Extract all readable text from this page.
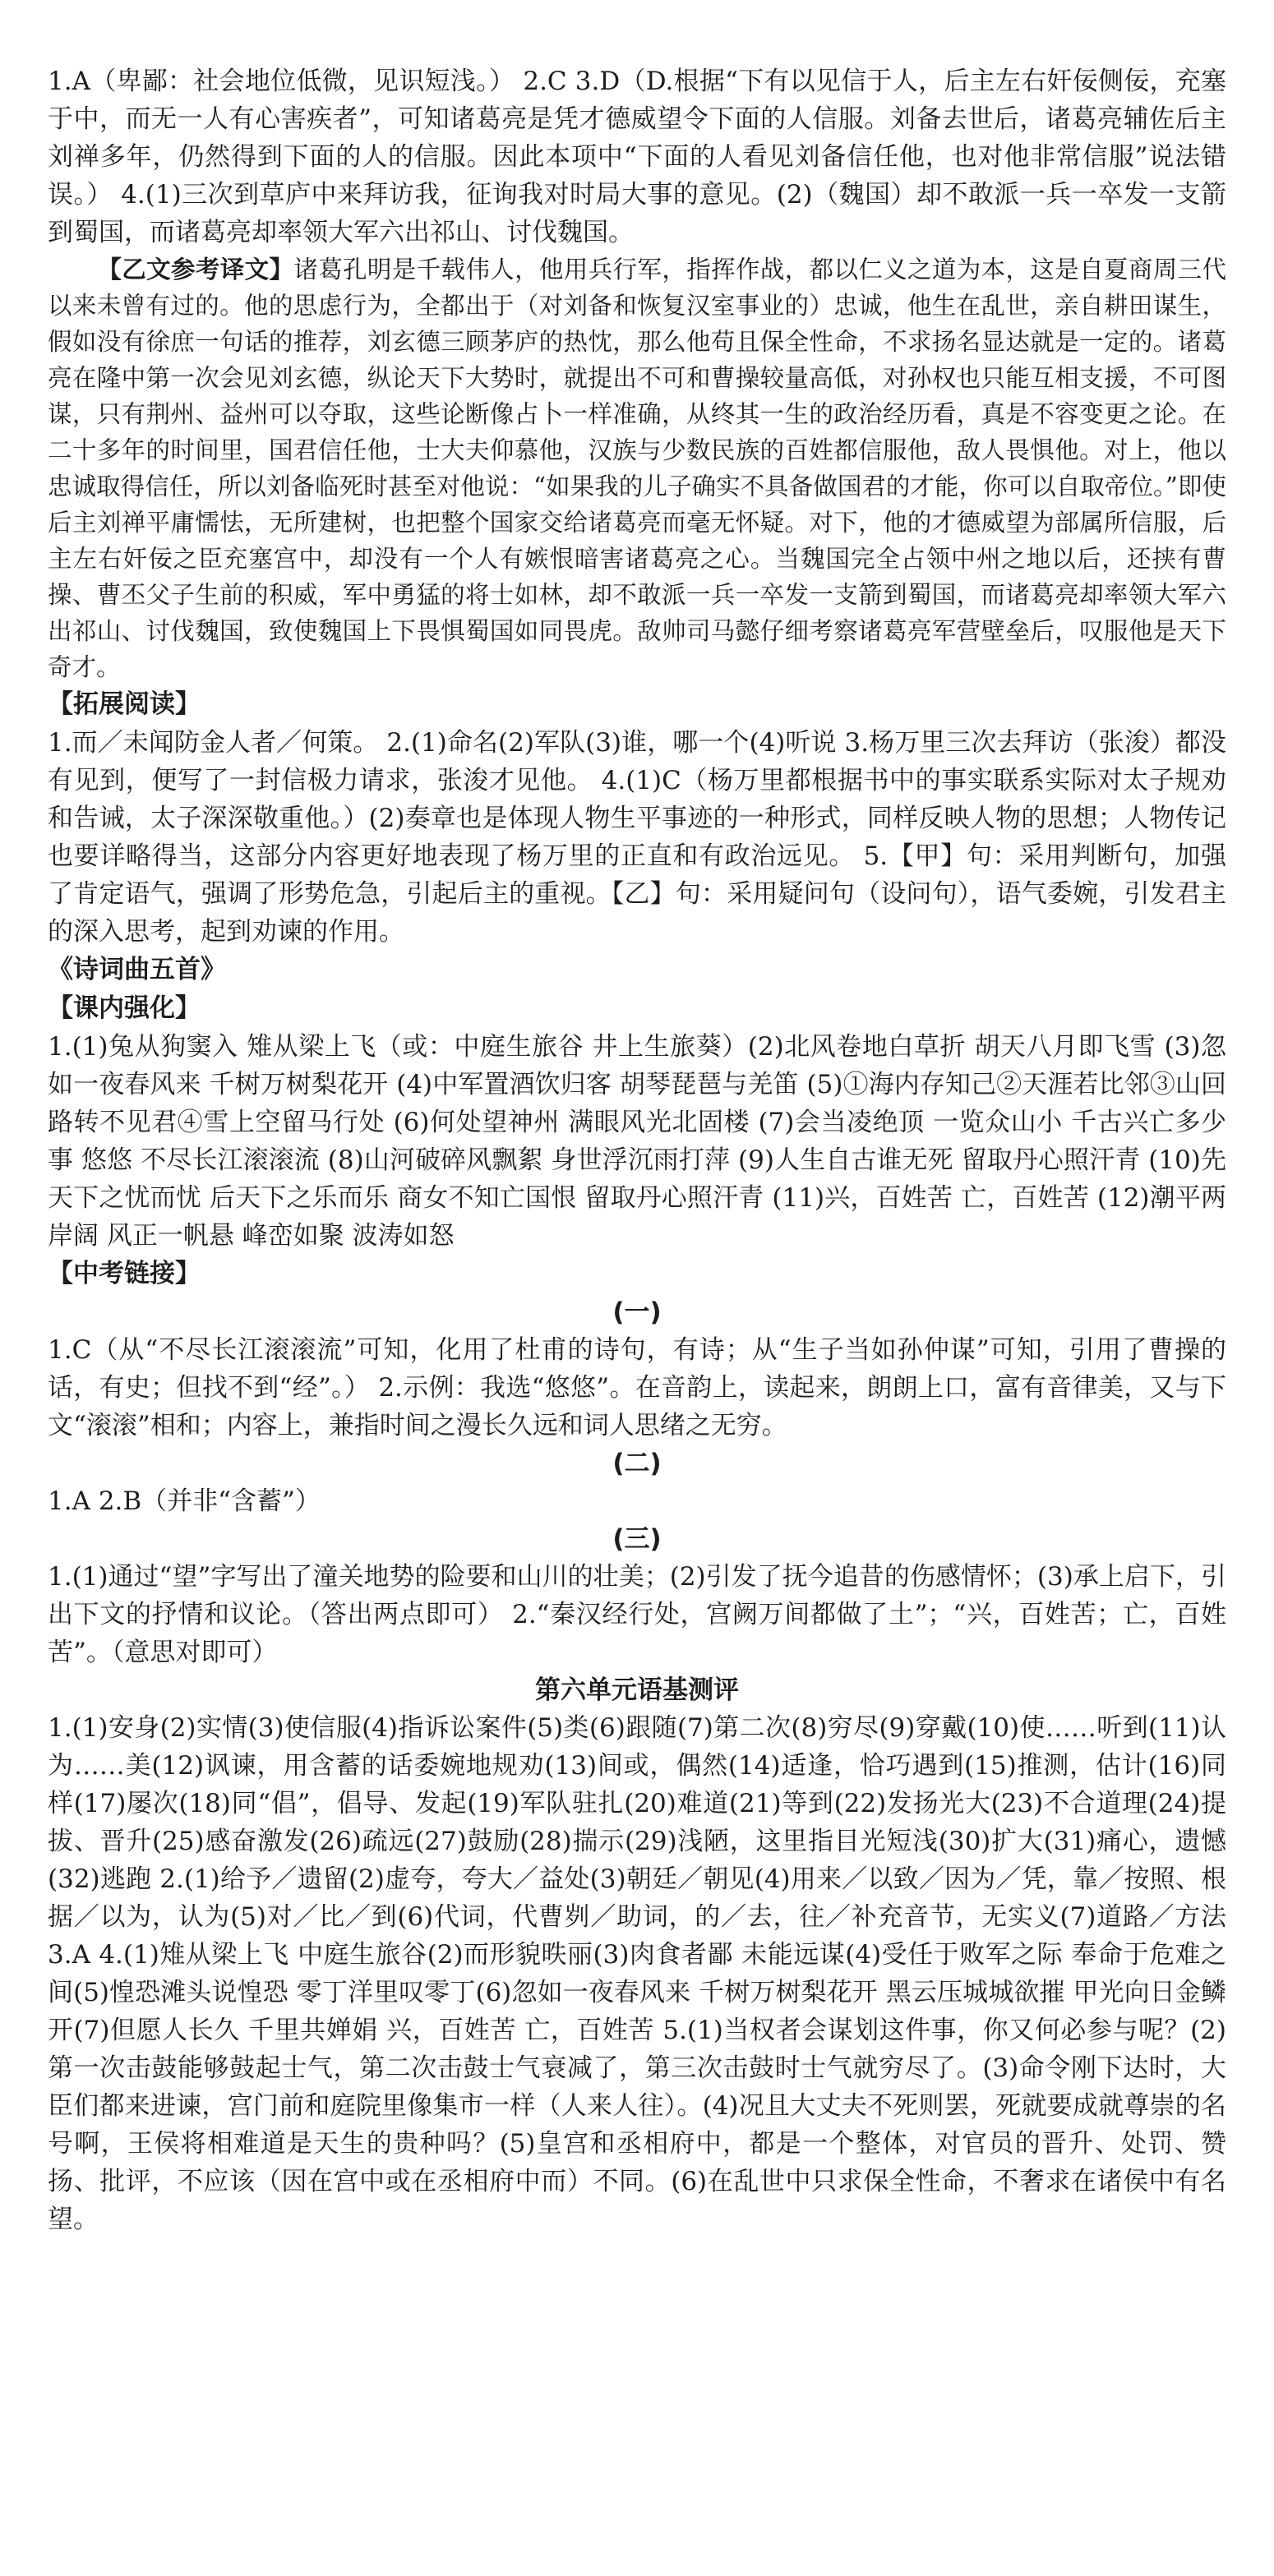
1.A（卑鄙：社会地位低微，见识短浅。） 2.C 3.D（D.根据“下有以见信于人，后主左右奸佞侧佞，充塞于中，而无一人有心害疾者”，可知诸葛亮是凭才德威望令下面的人信服。刘备去世后，诸葛亮辅佐后主刘禅多年，仍然得到下面的人的信服。因此本项中“下面的人看见刘备信任他，也对他非常信服”说法错误。） 4.(1)三次到草庐中来拜访我，征询我对时局大事的意见。(2)（魏国）却不敢派一兵一卒发一支箭到蜀国，而诸葛亮却率领大军六出祁山、讨伐魏国。

【乙文参考译文】诸葛孔明是千载伟人，他用兵行军，指挥作战，都以仁义之道为本，这是自夏商周三代以来未曾有过的。他的思虑行为，全都出于（对刘备和恢复汉室事业的）忠诚，他生在乱世，亲自耕田谋生，假如没有徐庶一句话的推荐，刘玄德三顾茅庐的热忱，那么他苟且保全性命，不求扬名显达就是一定的。诸葛亮在隆中第一次会见刘玄德，纵论天下大势时，就提出不可和曹操较量高低，对孙权也只能互相支援，不可图谋，只有荆州、益州可以夺取，这些论断像占卜一样准确，从终其一生的政治经历看，真是不容变更之论。在二十多年的时间里，国君信任他，士大夫仰慕他，汉族与少数民族的百姓都信服他，敌人畏惧他。对上，他以忠诚取得信任，所以刘备临死时甚至对他说：“如果我的儿子确实不具备做国君的才能，你可以自取帝位。”即使后主刘禅平庸懦怯，无所建树，也把整个国家交给诸葛亮而毫无怀疑。对下，他的才德威望为部属所信服，后主左右奸佞之臣充塞宫中，却没有一个人有嫉恨暗害诸葛亮之心。当魏国完全占领中州之地以后，还挟有曹操、曹丕父子生前的积威，军中勇猛的将士如林，却不敢派一兵一卒发一支箭到蜀国，而诸葛亮却率领大军六出祁山、讨伐魏国，致使魏国上下畏惧蜀国如同畏虎。敌帅司马懿仔细考察诸葛亮军营壁垒后，叹服他是天下奇才。

【拓展阅读】

1.而／未闻防金人者／何策。 2.(1)命名(2)军队(3)谁，哪一个(4)听说 3.杨万里三次去拜访（张浚）都没有见到，便写了一封信极力请求，张浚才见他。 4.(1)C（杨万里都根据书中的事实联系实际对太子规劝和告诫，太子深深敬重他。）(2)奏章也是体现人物生平事迹的一种形式，同样反映人物的思想；人物传记也要详略得当，这部分内容更好地表现了杨万里的正直和有政治远见。 5.【甲】句：采用判断句，加强了肯定语气，强调了形势危急，引起后主的重视。【乙】句：采用疑问句（设问句），语气委婉，引发君主的深入思考，起到劝谏的作用。

《诗词曲五首》

【课内强化】

1.(1)兔从狗窦入 雉从梁上飞（或：中庭生旅谷 井上生旅葵）(2)北风卷地白草折 胡天八月即飞雪 (3)忽如一夜春风来 千树万树梨花开 (4)中军置酒饮归客 胡琴琵琶与羌笛 (5)①海内存知己②天涯若比邻③山回路转不见君④雪上空留马行处 (6)何处望神州 满眼风光北固楼 (7)会当凌绝顶 一览众山小 千古兴亡多少事 悠悠 不尽长江滚滚流 (8)山河破碎风飘絮 身世浮沉雨打萍 (9)人生自古谁无死 留取丹心照汗青 (10)先天下之忧而忧 后天下之乐而乐 商女不知亡国恨 留取丹心照汗青 (11)兴，百姓苦 亡，百姓苦 (12)潮平两岸阔 风正一帆悬 峰峦如聚 波涛如怒

【中考链接】

(一)

1.C（从“不尽长江滚滚流”可知，化用了杜甫的诗句，有诗；从“生子当如孙仲谋”可知，引用了曹操的话，有史；但找不到“经”。） 2.示例：我选“悠悠”。在音韵上，读起来，朗朗上口，富有音律美，又与下文“滚滚”相和；内容上，兼指时间之漫长久远和词人思绪之无穷。

(二)

1.A 2.B（并非“含蓄”）

(三)

1.(1)通过“望”字写出了潼关地势的险要和山川的壮美；(2)引发了抚今追昔的伤感情怀；(3)承上启下，引出下文的抒情和议论。（答出两点即可） 2.“秦汉经行处，宫阙万间都做了土”；“兴，百姓苦；亡，百姓苦”。（意思对即可）

第六单元语基测评

1.(1)安身(2)实情(3)使信服(4)指诉讼案件(5)类(6)跟随(7)第二次(8)穷尽(9)穿戴(10)使……听到(11)认为……美(12)讽谏，用含蓄的话委婉地规劝(13)间或，偶然(14)适逢，恰巧遇到(15)推测，估计(16)同样(17)屡次(18)同“倡”，倡导、发起(19)军队驻扎(20)难道(21)等到(22)发扬光大(23)不合道理(24)提拔、晋升(25)感奋激发(26)疏远(27)鼓励(28)揣示(29)浅陋，这里指目光短浅(30)扩大(31)痛心，遗憾(32)逃跑 2.(1)给予／遗留(2)虚夸，夸大／益处(3)朝廷／朝见(4)用来／以致／因为／凭，靠／按照、根据／以为，认为(5)对／比／到(6)代词，代曹刿／助词，的／去，往／补充音节，无实义(7)道路／方法 3.A 4.(1)雉从梁上飞 中庭生旅谷(2)而形貌昳丽(3)肉食者鄙 未能远谋(4)受任于败军之际 奉命于危难之间(5)惶恐滩头说惶恐 零丁洋里叹零丁(6)忽如一夜春风来 千树万树梨花开 黑云压城城欲摧 甲光向日金鳞开(7)但愿人长久 千里共婵娟 兴，百姓苦 亡，百姓苦 5.(1)当权者会谋划这件事，你又何必参与呢？(2)第一次击鼓能够鼓起士气，第二次击鼓士气衰减了，第三次击鼓时士气就穷尽了。(3)命令刚下达时，大臣们都来进谏，宫门前和庭院里像集市一样（人来人往）。(4)况且大丈夫不死则罢，死就要成就尊崇的名号啊，王侯将相难道是天生的贵种吗？(5)皇宫和丞相府中，都是一个整体，对官员的晋升、处罚、赞扬、批评，不应该（因在宫中或在丞相府中而）不同。(6)在乱世中只求保全性命，不奢求在诸侯中有名望。
